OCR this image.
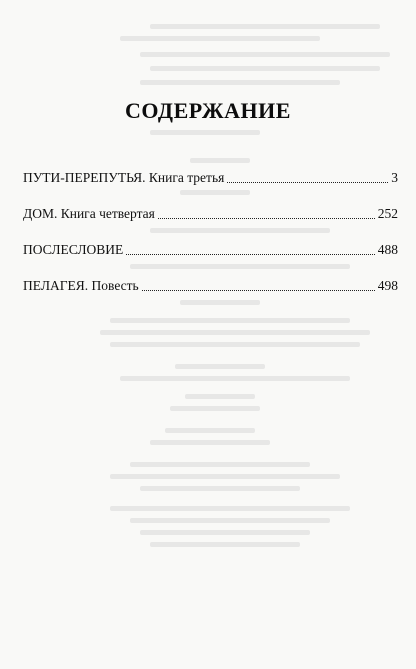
СОДЕРЖАНИЕ
ПУТИ-ПЕРЕПУТЬЯ. Книга третья	3
ДОМ. Книга четвертая	252
ПОСЛЕСЛОВИЕ	488
ПЕЛАГЕЯ. Повесть	498
